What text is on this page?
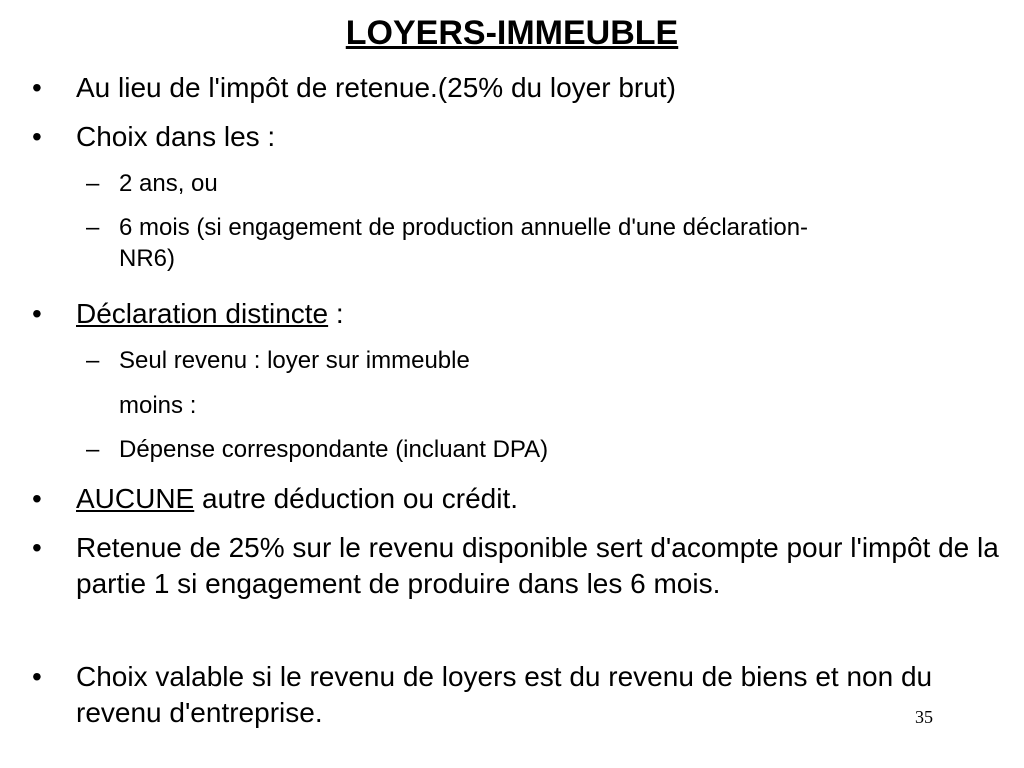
LOYERS-IMMEUBLE

• Au lieu de l'impôt de retenue.(25% du loyer brut)

• Choix dans les :

– 2 ans, ou

– 6 mois (si engagement de production annuelle d'une déclaration-NR6)

• Déclaration distincte :

– Seul revenu : loyer sur immeuble

moins :

– Dépense correspondante (incluant DPA)

• AUCUNE autre déduction ou crédit.

• Retenue de 25% sur le revenu disponible sert d'acompte pour l'impôt de la partie 1 si engagement de produire dans les 6 mois.

• Choix valable si le revenu de loyers est du revenu de biens et non du revenu d'entreprise.	35
